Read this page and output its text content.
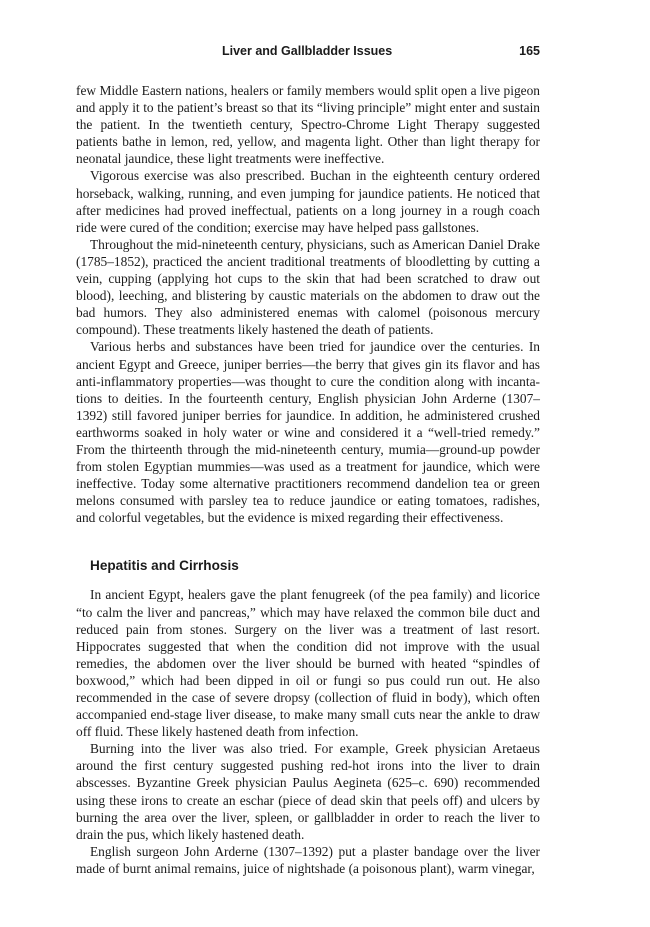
Liver and Gallbladder Issues	165

few Middle Eastern nations, healers or family members would split open a live pigeon and apply it to the patient’s breast so that its “living principle” might enter and sustain the patient. In the twentieth century, Spectro-Chrome Light Therapy suggested patients bathe in lemon, red, yellow, and magenta light. Other than light therapy for neonatal jaundice, these light treatments were ineffective.

Vigorous exercise was also prescribed. Buchan in the eighteenth century ordered horseback, walking, running, and even jumping for jaundice patients. He noticed that after medicines had proved ineffectual, patients on a long journey in a rough coach ride were cured of the condition; exercise may have helped pass gallstones.

Throughout the mid-nineteenth century, physicians, such as American Daniel Drake (1785–1852), practiced the ancient traditional treatments of bloodletting by cutting a vein, cupping (applying hot cups to the skin that had been scratched to draw out blood), leeching, and blistering by caustic materials on the abdomen to draw out the bad humors. They also administered enemas with calomel (poisonous mercury compound). These treatments likely hastened the death of patients.

Various herbs and substances have been tried for jaundice over the centuries. In ancient Egypt and Greece, juniper berries—the berry that gives gin its flavor and has anti-inflammatory properties—was thought to cure the condition along with incantations to deities. In the fourteenth century, English physician John Arderne (1307–1392) still favored juniper berries for jaundice. In addition, he administered crushed earthworms soaked in holy water or wine and considered it a “well-tried remedy.” From the thirteenth through the mid-nineteenth century, mumia—ground-up powder from stolen Egyptian mummies—was used as a treatment for jaundice, which were ineffective. Today some alternative practitioners recommend dandelion tea or green melons consumed with parsley tea to reduce jaundice or eating tomatoes, radishes, and colorful vegetables, but the evidence is mixed regarding their effectiveness.

Hepatitis and Cirrhosis

In ancient Egypt, healers gave the plant fenugreek (of the pea family) and licorice “to calm the liver and pancreas,” which may have relaxed the common bile duct and reduced pain from stones. Surgery on the liver was a treatment of last resort. Hippocrates suggested that when the condition did not improve with the usual remedies, the abdomen over the liver should be burned with heated “spindles of boxwood,” which had been dipped in oil or fungi so pus could run out. He also recommended in the case of severe dropsy (collection of fluid in body), which often accompanied end-stage liver disease, to make many small cuts near the ankle to draw off fluid. These likely hastened death from infection.

Burning into the liver was also tried. For example, Greek physician Aretaeus around the first century suggested pushing red-hot irons into the liver to drain abscesses. Byzantine Greek physician Paulus Aegineta (625–c. 690) recommended using these irons to create an eschar (piece of dead skin that peels off) and ulcers by burning the area over the liver, spleen, or gallbladder in order to reach the liver to drain the pus, which likely hastened death.

English surgeon John Arderne (1307–1392) put a plaster bandage over the liver made of burnt animal remains, juice of nightshade (a poisonous plant), warm vinegar,
